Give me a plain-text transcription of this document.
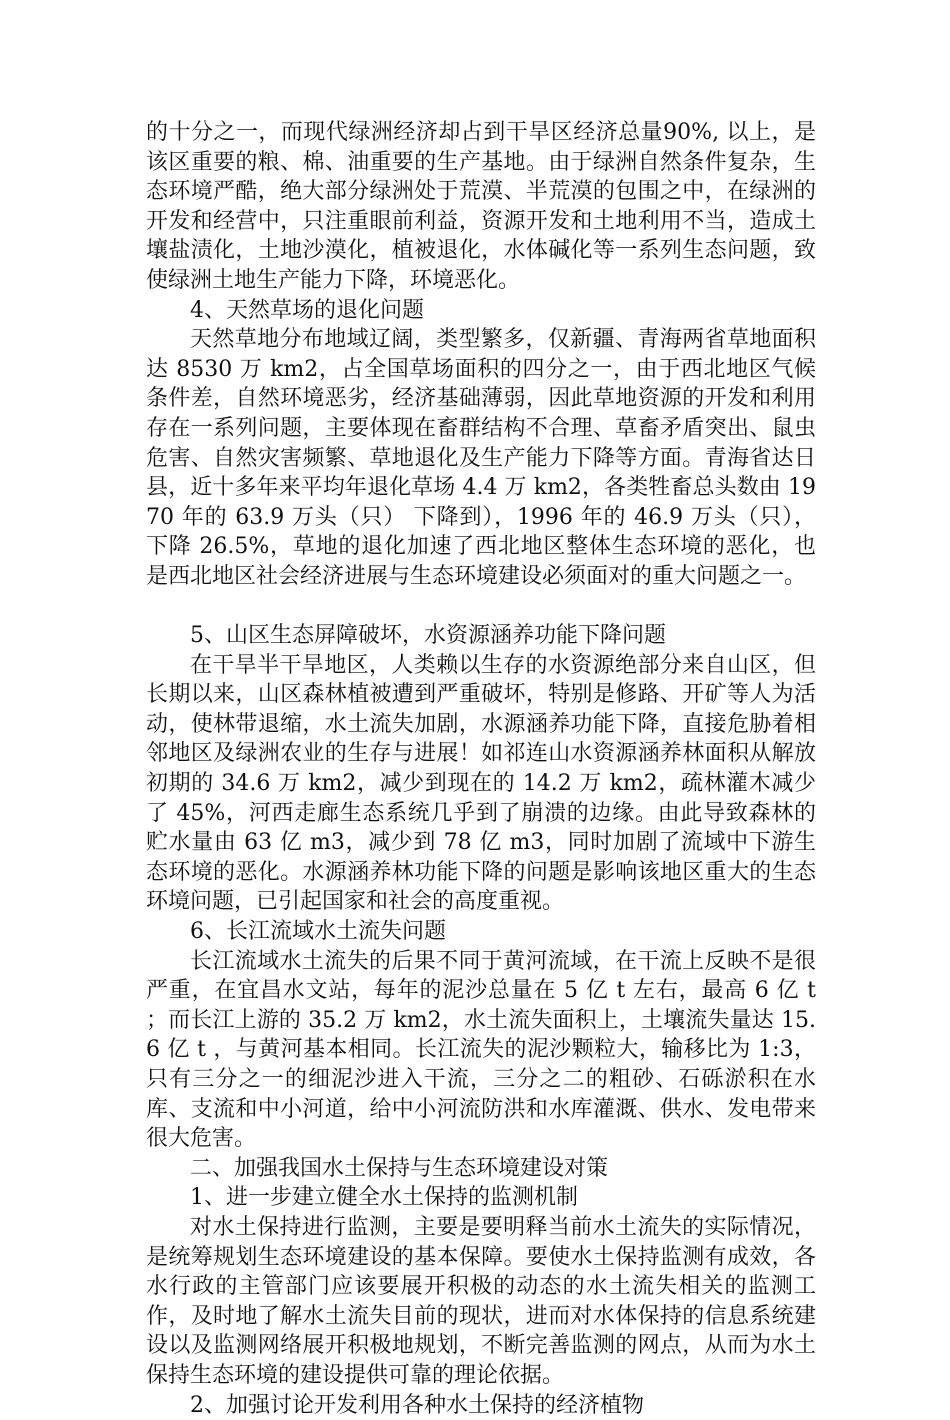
的十分之一，而现代绿洲经济却占到干旱区经济总量90%, 以上，是该区重要的粮、棉、油重要的生产基地。由于绿洲自然条件复杂，生态环境严酷，绝大部分绿洲处于荒漠、半荒漠的包围之中，在绿洲的开发和经营中，只注重眼前利益，资源开发和土地利用不当，造成土壤盐渍化，土地沙漠化，植被退化，水体碱化等一系列生态问题，致使绿洲土地生产能力下降，环境恶化。

4、天然草场的退化问题

天然草地分布地域辽阔，类型繁多，仅新疆、青海两省草地面积达 8530 万 km2，占全国草场面积的四分之一，由于西北地区气候条件差，自然环境恶劣，经济基础薄弱，因此草地资源的开发和利用存在一系列问题，主要体现在畜群结构不合理、草畜矛盾突出、鼠虫危害、自然灾害频繁、草地退化及生产能力下降等方面。青海省达日县，近十多年来平均年退化草场 4.4 万 km2，各类牲畜总头数由 1970 年的 63.9 万头（只） 下降到），1996 年的 46.9 万头（只），下降 26.5%，草地的退化加速了西北地区整体生态环境的恶化，也是西北地区社会经济进展与生态环境建设必须面对的重大问题之一。

5、山区生态屏障破坏，水资源涵养功能下降问题

在干旱半干旱地区，人类赖以生存的水资源绝部分来自山区，但长期以来，山区森林植被遭到严重破坏，特别是修路、开矿等人为活动，使林带退缩，水土流失加剧，水源涵养功能下降，直接危胁着相邻地区及绿洲农业的生存与进展！如祁连山水资源涵养林面积从解放初期的 34.6 万 km2，减少到现在的 14.2 万 km2，疏林灌木减少了 45%，河西走廊生态系统几乎到了崩溃的边缘。由此导致森林的贮水量由 63 亿 m3，减少到 78 亿 m3，同时加剧了流域中下游生态环境的恶化。水源涵养林功能下降的问题是影响该地区重大的生态环境问题，已引起国家和社会的高度重视。

6、长江流域水土流失问题

长江流域水土流失的后果不同于黄河流域，在干流上反映不是很严重，在宜昌水文站，每年的泥沙总量在 5 亿 t 左右，最高 6 亿 t ；而长江上游的 35.2 万 km2，水土流失面积上，土壤流失量达 15.6 亿 t ，与黄河基本相同。长江流失的泥沙颗粒大，输移比为 1:3，只有三分之一的细泥沙进入干流，三分之二的粗砂、石砾淤积在水库、支流和中小河道，给中小河流防洪和水库灌溉、供水、发电带来很大危害。

二、加强我国水土保持与生态环境建设对策

1、进一步建立健全水土保持的监测机制

对水土保持进行监测，主要是要明释当前水土流失的实际情况，是统筹规划生态环境建设的基本保障。要使水土保持监测有成效，各水行政的主管部门应该要展开积极的动态的水土流失相关的监测工作，及时地了解水土流失目前的现状，进而对水体保持的信息系统建设以及监测网络展开积极地规划，不断完善监测的网点，从而为水土保持生态环境的建设提供可靠的理论依据。

2、加强讨论开发利用各种水土保持的经济植物
